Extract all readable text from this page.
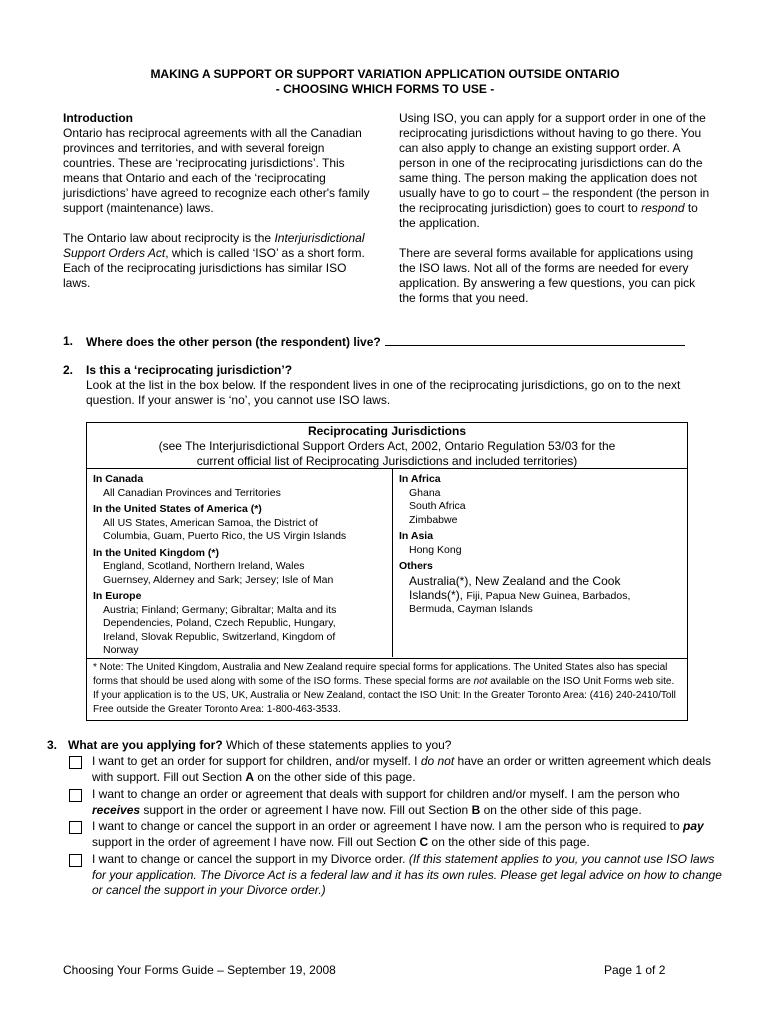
MAKING A SUPPORT OR SUPPORT VARIATION APPLICATION OUTSIDE ONTARIO
- CHOOSING WHICH FORMS TO USE -
Introduction

Ontario has reciprocal agreements with all the Canadian provinces and territories, and with several foreign countries. These are ‘reciprocating jurisdictions’. This means that Ontario and each of the ‘reciprocating jurisdictions’ have agreed to recognize each other's family support (maintenance) laws.

The Ontario law about reciprocity is the Interjurisdictional Support Orders Act, which is called ‘ISO’ as a short form. Each of the reciprocating jurisdictions has similar ISO laws.

Using ISO, you can apply for a support order in one of the reciprocating jurisdictions without having to go there. You can also apply to change an existing support order. A person in one of the reciprocating jurisdictions can do the same thing. The person making the application does not usually have to go to court – the respondent (the person in the reciprocating jurisdiction) goes to court to respond to the application.

There are several forms available for applications using the ISO laws. Not all of the forms are needed for every application. By answering a few questions, you can pick the forms that you need.

1. Where does the other person (the respondent) live?
2. Is this a ‘reciprocating jurisdiction’?
Look at the list in the box below. If the respondent lives in one of the reciprocating jurisdictions, go on to the next question. If your answer is ‘no’, you cannot use ISO laws.
Reciprocating Jurisdictions
(see The Interjurisdictional Support Orders Act, 2002, Ontario Regulation 53/03 for the
current official list of Reciprocating Jurisdictions and included territories)
In Canada
All Canadian Provinces and Territories
In the United States of America (*)
All US States, American Samoa, the District of
Columbia, Guam, Puerto Rico, the US Virgin Islands
In the United Kingdom (*)
England, Scotland, Northern Ireland, Wales
Guernsey, Alderney and Sark; Jersey; Isle of Man
In Europe
Austria; Finland; Germany; Gibraltar; Malta and its
Dependencies, Poland, Czech Republic, Hungary,
Ireland, Slovak Republic, Switzerland, Kingdom of
Norway
In Africa
Ghana
South Africa
Zimbabwe
In Asia
Hong Kong
Others
Australia(*), New Zealand and the Cook
Islands(*), Fiji, Papua New Guinea, Barbados,
Bermuda, Cayman Islands
* Note: The United Kingdom, Australia and New Zealand require special forms for applications. The United States also has special forms that should be used along with some of the ISO forms. These special forms are not available on the ISO Unit Forms web site. If your application is to the US, UK, Australia or New Zealand, contact the ISO Unit: In the Greater Toronto Area: (416) 240-2410/Toll Free outside the Greater Toronto Area: 1-800-463-3533.
3. What are you applying for? Which of these statements applies to you?
I want to get an order for support for children, and/or myself. I do not have an order or written agreement which deals with support. Fill out Section A on the other side of this page.
I want to change an order or agreement that deals with support for children and/or myself. I am the person who receives support in the order or agreement I have now. Fill out Section B on the other side of this page.
I want to change or cancel the support in an order or agreement I have now. I am the person who is required to pay support in the order of agreement I have now. Fill out Section C on the other side of this page.
I want to change or cancel the support in my Divorce order. (If this statement applies to you, you cannot use ISO laws for your application. The Divorce Act is a federal law and it has its own rules. Please get legal advice on how to change or cancel the support in your Divorce order.)
Choosing Your Forms Guide – September 19, 2008	Page 1 of 2
